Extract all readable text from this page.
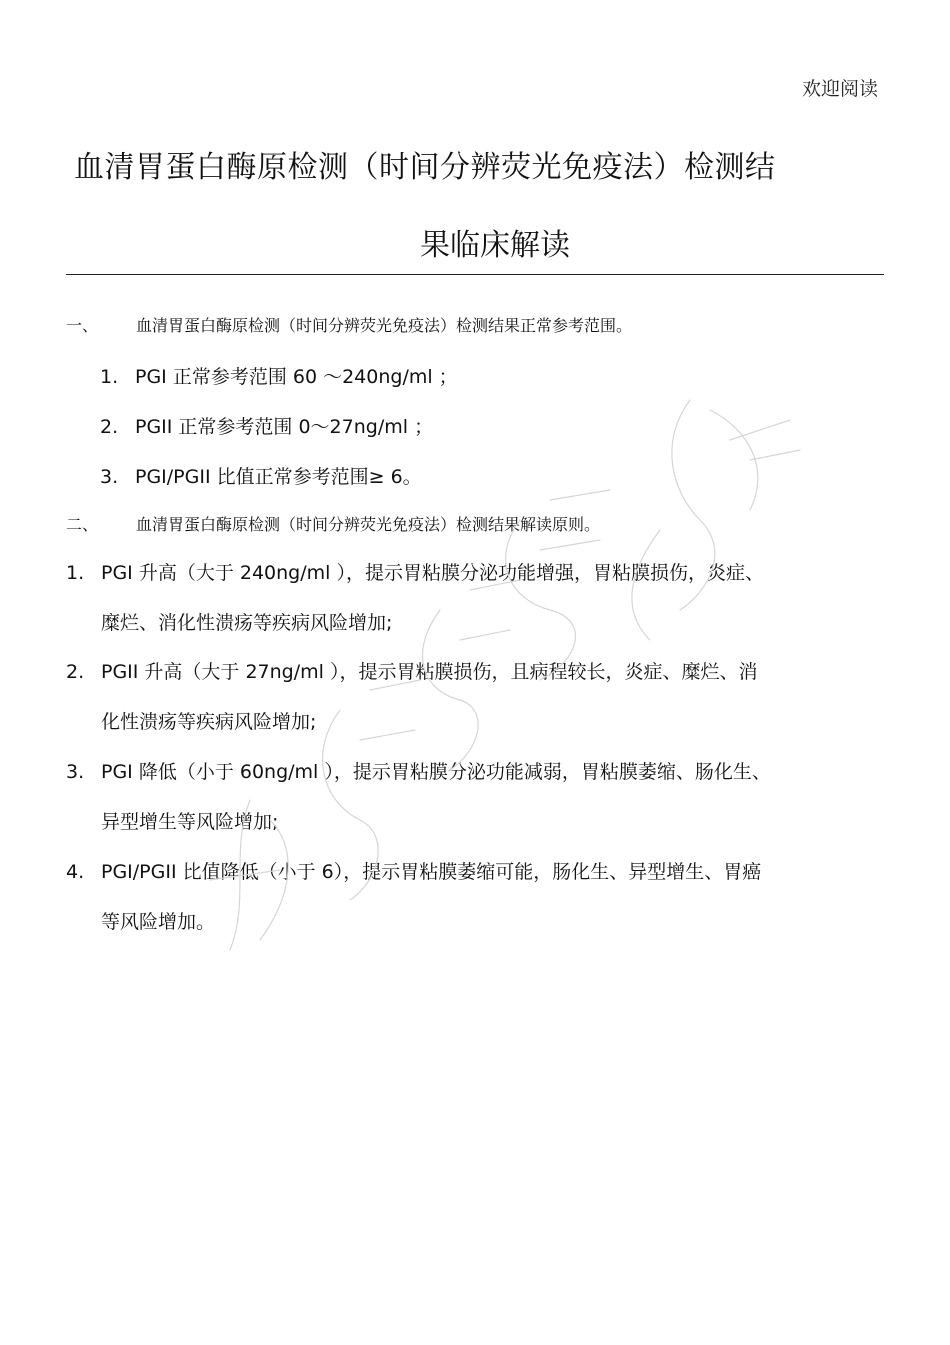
欢迎阅读
血清胃蛋白酶原检测（时间分辨荧光免疫法）检测结
果临床解读
一、 血清胃蛋白酶原检测（时间分辨荧光免疫法）检测结果正常参考范围。
1. PGI 正常参考范围 60 ～240ng/ml ；
2. PGII 正常参考范围 0～27ng/ml ；
3. PGI/PGII 比值正常参考范围≥ 6。
二、 血清胃蛋白酶原检测（时间分辨荧光免疫法）检测结果解读原则。
1. PGI 升高（大于 240ng/ml ），提示胃粘膜分泌功能增强，胃粘膜损伤，炎症、
糜烂、消化性溃疡等疾病风险增加;
2. PGII 升高（大于 27ng/ml ），提示胃粘膜损伤，且病程较长，炎症、糜烂、消
化性溃疡等疾病风险增加;
3. PGI 降低（小于 60ng/ml ），提示胃粘膜分泌功能减弱，胃粘膜萎缩、肠化生、
异型增生等风险增加;
4. PGI/PGII 比值降低（小于 6），提示胃粘膜萎缩可能，肠化生、异型增生、胃癌
等风险增加。
